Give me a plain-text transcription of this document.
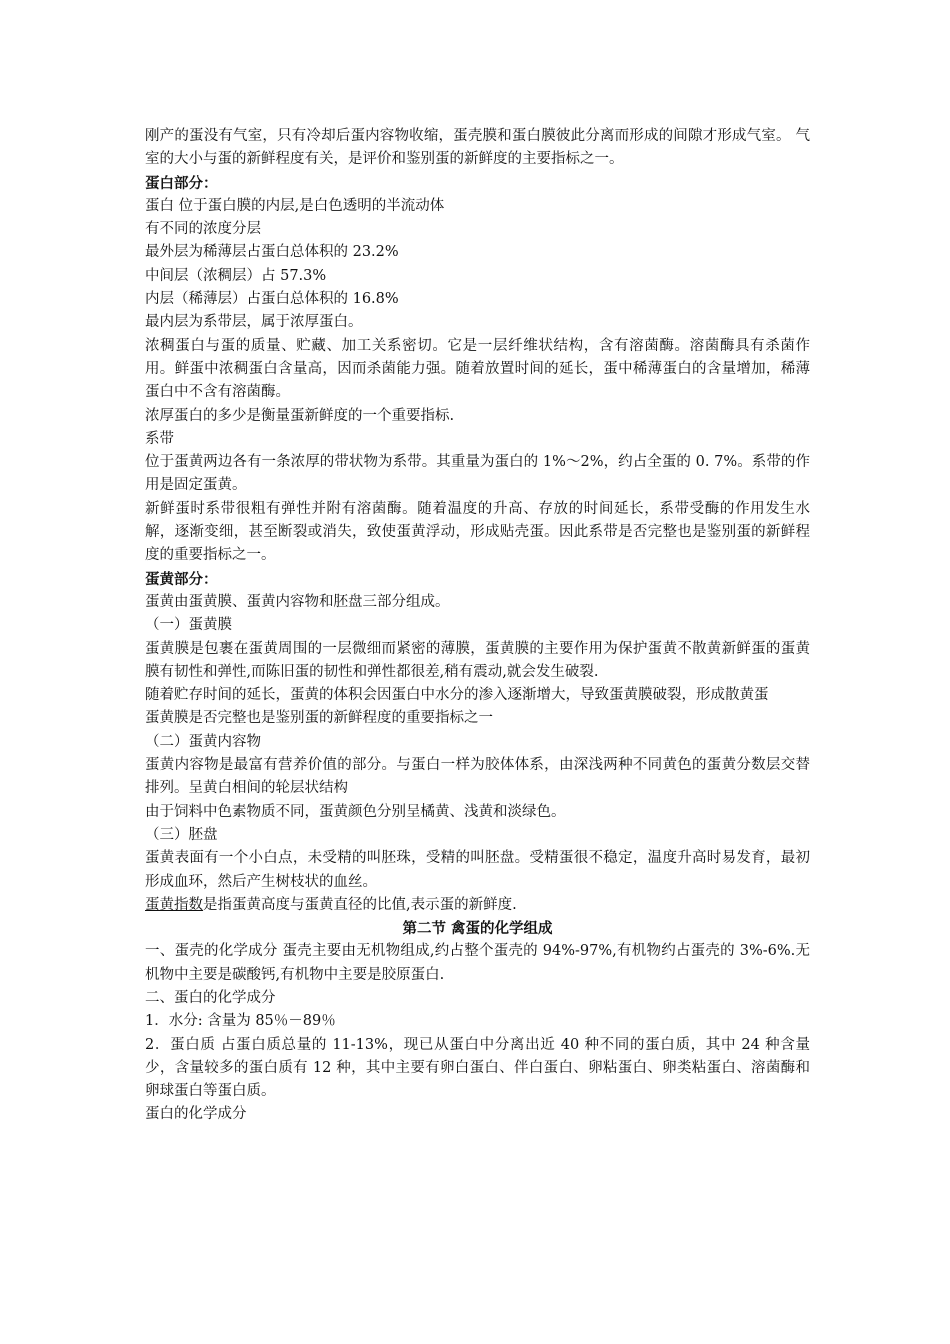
刚产的蛋没有气室，只有冷却后蛋内容物收缩，蛋壳膜和蛋白膜彼此分离而形成的间隙才形成气室。 气室的大小与蛋的新鲜程度有关，是评价和鉴别蛋的新鲜度的主要指标之一。

蛋白部分：

蛋白 位于蛋白膜的内层,是白色透明的半流动体

有不同的浓度分层

最外层为稀薄层占蛋白总体积的 23.2%

中间层（浓稠层）占 57.3%

内层（稀薄层）占蛋白总体积的 16.8%

最内层为系带层，属于浓厚蛋白。

浓稠蛋白与蛋的质量、贮藏、加工关系密切。它是一层纤维状结构，含有溶菌酶。溶菌酶具有杀菌作用。鲜蛋中浓稠蛋白含量高，因而杀菌能力强。随着放置时间的延长，蛋中稀薄蛋白的含量增加，稀薄蛋白中不含有溶菌酶。

浓厚蛋白的多少是衡量蛋新鲜度的一个重要指标.

系带

位于蛋黄两边各有一条浓厚的带状物为系带。其重量为蛋白的 1%～2%，约占全蛋的 0. 7%。系带的作用是固定蛋黄。

新鲜蛋时系带很粗有弹性并附有溶菌酶。随着温度的升高、存放的时间延长，系带受酶的作用发生水解，逐渐变细，甚至断裂或消失，致使蛋黄浮动，形成贴壳蛋。因此系带是否完整也是鉴别蛋的新鲜程度的重要指标之一。

蛋黄部分：

蛋黄由蛋黄膜、蛋黄内容物和胚盘三部分组成。

（一）蛋黄膜

蛋黄膜是包裹在蛋黄周围的一层微细而紧密的薄膜，蛋黄膜的主要作用为保护蛋黄不散黄新鲜蛋的蛋黄膜有韧性和弹性,而陈旧蛋的韧性和弹性都很差,稍有震动,就会发生破裂.

随着贮存时间的延长，蛋黄的体积会因蛋白中水分的渗入逐渐增大，导致蛋黄膜破裂，形成散黄蛋

蛋黄膜是否完整也是鉴别蛋的新鲜程度的重要指标之一

（二）蛋黄内容物

蛋黄内容物是最富有营养价值的部分。与蛋白一样为胶体体系，由深浅两种不同黄色的蛋黄分数层交替排列。呈黄白相间的轮层状结构

由于饲料中色素物质不同，蛋黄颜色分别呈橘黄、浅黄和淡绿色。

（三）胚盘

蛋黄表面有一个小白点，未受精的叫胚珠，受精的叫胚盘。受精蛋很不稳定，温度升高时易发育，最初形成血环，然后产生树枝状的血丝。

蛋黄指数是指蛋黄高度与蛋黄直径的比值,表示蛋的新鲜度.

第二节 禽蛋的化学组成

一、蛋壳的化学成分 蛋壳主要由无机物组成,约占整个蛋壳的 94%-97%,有机物约占蛋壳的 3%-6%.无机物中主要是碳酸钙,有机物中主要是胶原蛋白.

二、蛋白的化学成分

1．水分: 含量为 85％－89％

2．蛋白质 占蛋白质总量的 11-13%，现已从蛋白中分离出近 40 种不同的蛋白质，其中 24 种含量少，含量较多的蛋白质有 12 种，其中主要有卵白蛋白、伴白蛋白、卵粘蛋白、卵类粘蛋白、溶菌酶和卵球蛋白等蛋白质。

蛋白的化学成分
